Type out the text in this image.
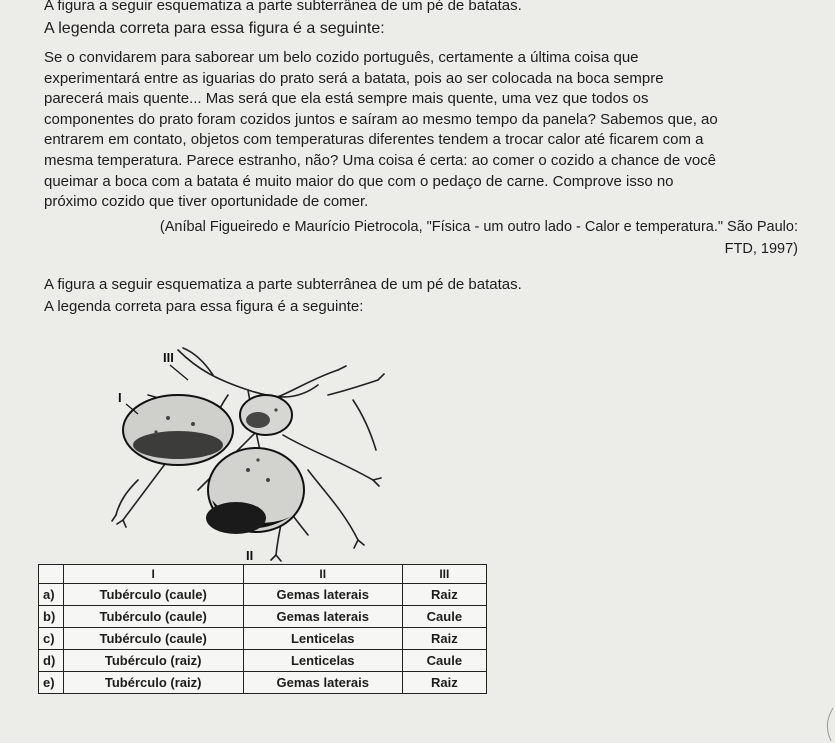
A figura a seguir esquematiza a parte subterrânea de um pé de batatas.
A legenda correta para essa figura é a seguinte:
Se o convidarem para saborear um belo cozido português, certamente a última coisa que
experimentará entre as iguarias do prato será a batata, pois ao ser colocada na boca sempre
parecerá mais quente... Mas será que ela está sempre mais quente, uma vez que todos os
componentes do prato foram cozidos juntos e saíram ao mesmo tempo da panela? Sabemos que, ao
entrarem em contato, objetos com temperaturas diferentes tendem a trocar calor até ficarem com a
mesma temperatura. Parece estranho, não? Uma coisa é certa: ao comer o cozido a chance de você
queimar a boca com a batata é muito maior do que com o pedaço de carne. Comprove isso no
próximo cozido que tiver oportunidade de comer.
(Aníbal Figueiredo e Maurício Pietrocola, "Física - um outro lado - Calor e temperatura." São Paulo: FTD, 1997)
A figura a seguir esquematiza a parte subterrânea de um pé de batatas.
A legenda correta para essa figura é a seguinte:
III
I
II
	I	II	III
a)	Tubérculo (caule)	Gemas laterais	Raiz
b)	Tubérculo (caule)	Gemas laterais	Caule
c)	Tubérculo (caule)	Lenticelas	Raiz
d)	Tubérculo (raiz)	Lenticelas	Caule
e)	Tubérculo (raiz)	Gemas laterais	Raiz
